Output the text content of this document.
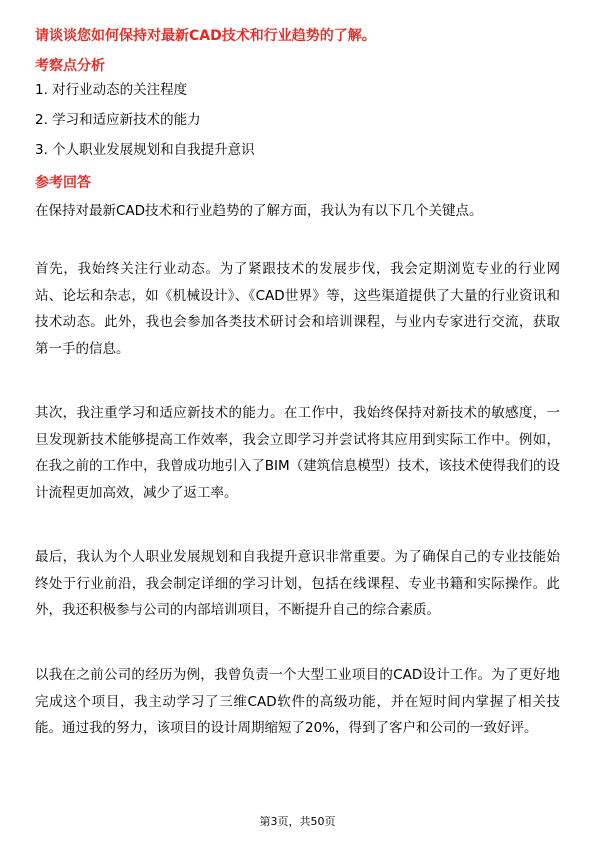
请谈谈您如何保持对最新CAD技术和行业趋势的了解。
考察点分析
1. 对行业动态的关注程度
2. 学习和适应新技术的能力
3. 个人职业发展规划和自我提升意识
参考回答
在保持对最新CAD技术和行业趋势的了解方面，我认为有以下几个关键点。
首先，我始终关注行业动态。为了紧跟技术的发展步伐，我会定期浏览专业的行业网站、论坛和杂志，如《机械设计》、《CAD世界》等，这些渠道提供了大量的行业资讯和技术动态。此外，我也会参加各类技术研讨会和培训课程，与业内专家进行交流，获取第一手的信息。
其次，我注重学习和适应新技术的能力。在工作中，我始终保持对新技术的敏感度，一旦发现新技术能够提高工作效率，我会立即学习并尝试将其应用到实际工作中。例如，在我之前的工作中，我曾成功地引入了BIM（建筑信息模型）技术，该技术使得我们的设计流程更加高效，减少了返工率。
最后，我认为个人职业发展规划和自我提升意识非常重要。为了确保自己的专业技能始终处于行业前沿，我会制定详细的学习计划，包括在线课程、专业书籍和实际操作。此外，我还积极参与公司的内部培训项目，不断提升自己的综合素质。
以我在之前公司的经历为例，我曾负责一个大型工业项目的CAD设计工作。为了更好地完成这个项目，我主动学习了三维CAD软件的高级功能，并在短时间内掌握了相关技能。通过我的努力，该项目的设计周期缩短了20%，得到了客户和公司的一致好评。
第3页，共50页
